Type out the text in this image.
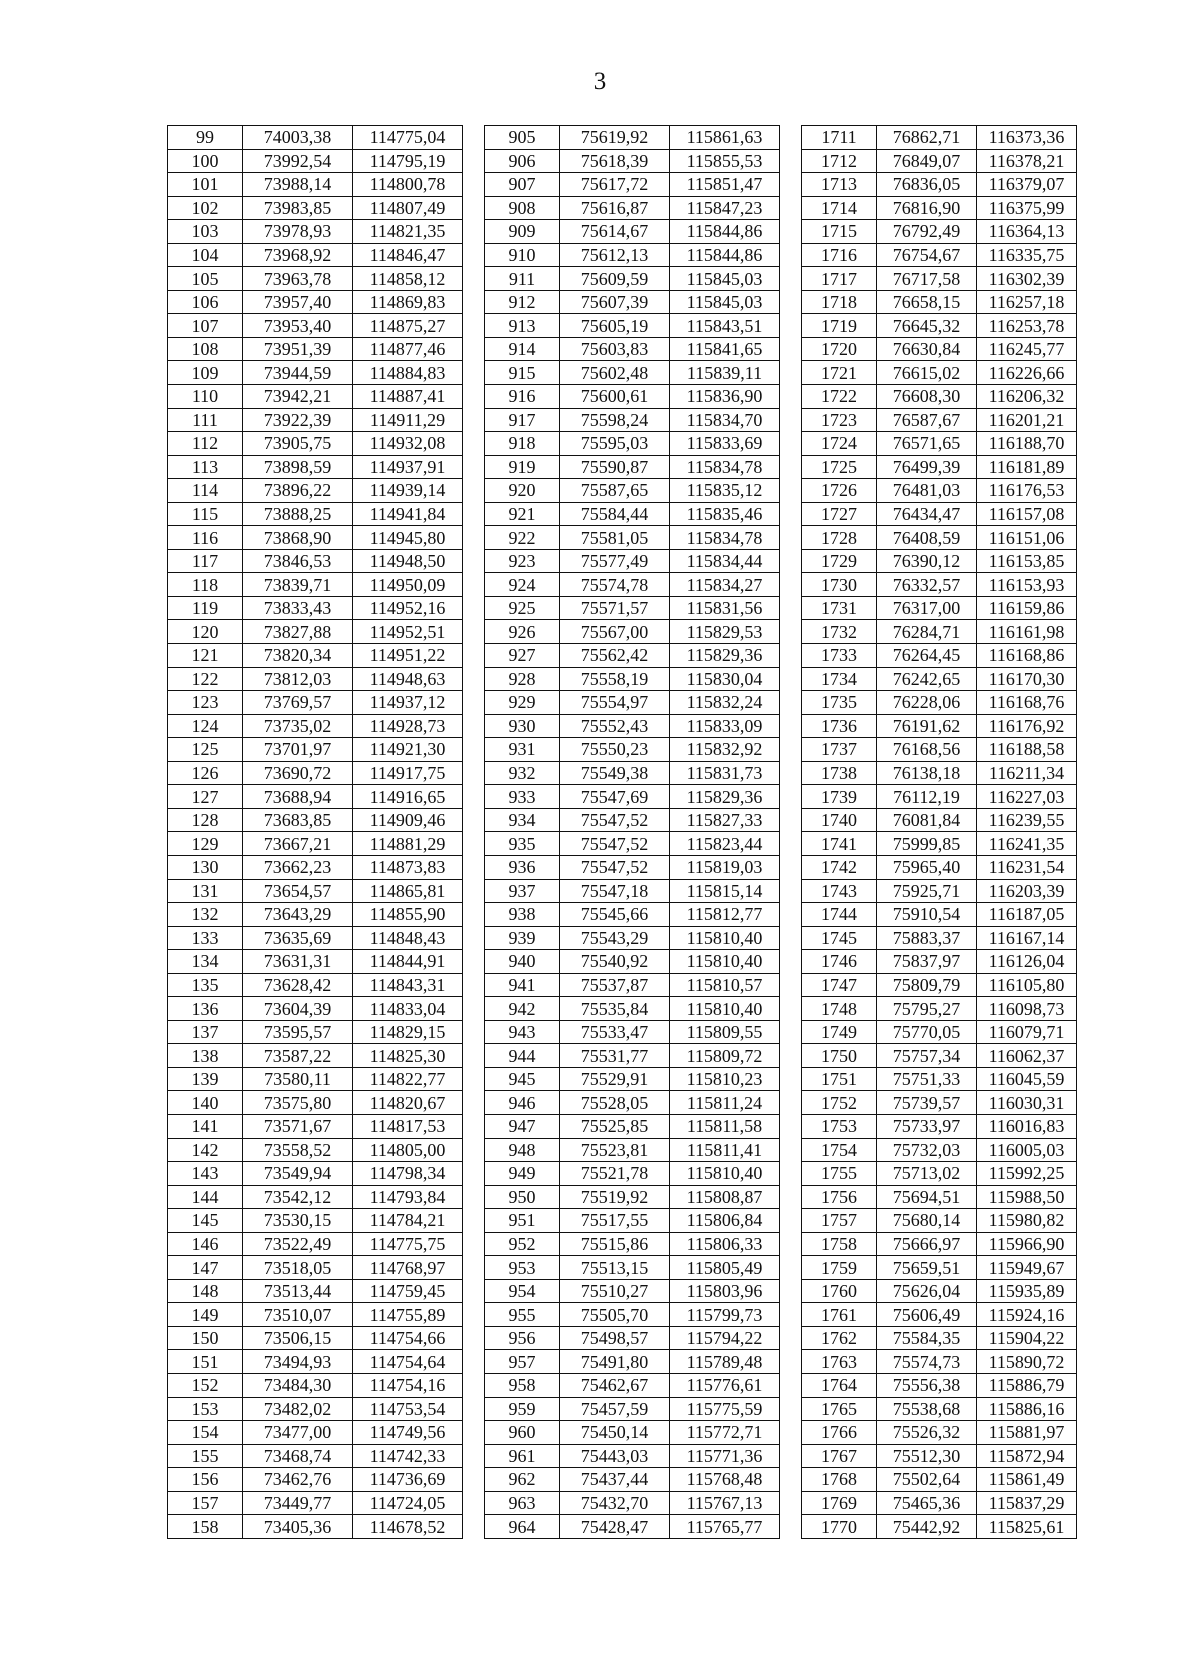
3
99	74003,38	114775,04		905	75619,92	115861,63		1711	76862,71	116373,36
100	73992,54	114795,19		906	75618,39	115855,53		1712	76849,07	116378,21
101	73988,14	114800,78		907	75617,72	115851,47		1713	76836,05	116379,07
102	73983,85	114807,49		908	75616,87	115847,23		1714	76816,90	116375,99
103	73978,93	114821,35		909	75614,67	115844,86		1715	76792,49	116364,13
104	73968,92	114846,47		910	75612,13	115844,86		1716	76754,67	116335,75
105	73963,78	114858,12		911	75609,59	115845,03		1717	76717,58	116302,39
106	73957,40	114869,83		912	75607,39	115845,03		1718	76658,15	116257,18
107	73953,40	114875,27		913	75605,19	115843,51		1719	76645,32	116253,78
108	73951,39	114877,46		914	75603,83	115841,65		1720	76630,84	116245,77
109	73944,59	114884,83		915	75602,48	115839,11		1721	76615,02	116226,66
110	73942,21	114887,41		916	75600,61	115836,90		1722	76608,30	116206,32
111	73922,39	114911,29		917	75598,24	115834,70		1723	76587,67	116201,21
112	73905,75	114932,08		918	75595,03	115833,69		1724	76571,65	116188,70
113	73898,59	114937,91		919	75590,87	115834,78		1725	76499,39	116181,89
114	73896,22	114939,14		920	75587,65	115835,12		1726	76481,03	116176,53
115	73888,25	114941,84		921	75584,44	115835,46		1727	76434,47	116157,08
116	73868,90	114945,80		922	75581,05	115834,78		1728	76408,59	116151,06
117	73846,53	114948,50		923	75577,49	115834,44		1729	76390,12	116153,85
118	73839,71	114950,09		924	75574,78	115834,27		1730	76332,57	116153,93
119	73833,43	114952,16		925	75571,57	115831,56		1731	76317,00	116159,86
120	73827,88	114952,51		926	75567,00	115829,53		1732	76284,71	116161,98
121	73820,34	114951,22		927	75562,42	115829,36		1733	76264,45	116168,86
122	73812,03	114948,63		928	75558,19	115830,04		1734	76242,65	116170,30
123	73769,57	114937,12		929	75554,97	115832,24		1735	76228,06	116168,76
124	73735,02	114928,73		930	75552,43	115833,09		1736	76191,62	116176,92
125	73701,97	114921,30		931	75550,23	115832,92		1737	76168,56	116188,58
126	73690,72	114917,75		932	75549,38	115831,73		1738	76138,18	116211,34
127	73688,94	114916,65		933	75547,69	115829,36		1739	76112,19	116227,03
128	73683,85	114909,46		934	75547,52	115827,33		1740	76081,84	116239,55
129	73667,21	114881,29		935	75547,52	115823,44		1741	75999,85	116241,35
130	73662,23	114873,83		936	75547,52	115819,03		1742	75965,40	116231,54
131	73654,57	114865,81		937	75547,18	115815,14		1743	75925,71	116203,39
132	73643,29	114855,90		938	75545,66	115812,77		1744	75910,54	116187,05
133	73635,69	114848,43		939	75543,29	115810,40		1745	75883,37	116167,14
134	73631,31	114844,91		940	75540,92	115810,40		1746	75837,97	116126,04
135	73628,42	114843,31		941	75537,87	115810,57		1747	75809,79	116105,80
136	73604,39	114833,04		942	75535,84	115810,40		1748	75795,27	116098,73
137	73595,57	114829,15		943	75533,47	115809,55		1749	75770,05	116079,71
138	73587,22	114825,30		944	75531,77	115809,72		1750	75757,34	116062,37
139	73580,11	114822,77		945	75529,91	115810,23		1751	75751,33	116045,59
140	73575,80	114820,67		946	75528,05	115811,24		1752	75739,57	116030,31
141	73571,67	114817,53		947	75525,85	115811,58		1753	75733,97	116016,83
142	73558,52	114805,00		948	75523,81	115811,41		1754	75732,03	116005,03
143	73549,94	114798,34		949	75521,78	115810,40		1755	75713,02	115992,25
144	73542,12	114793,84		950	75519,92	115808,87		1756	75694,51	115988,50
145	73530,15	114784,21		951	75517,55	115806,84		1757	75680,14	115980,82
146	73522,49	114775,75		952	75515,86	115806,33		1758	75666,97	115966,90
147	73518,05	114768,97		953	75513,15	115805,49		1759	75659,51	115949,67
148	73513,44	114759,45		954	75510,27	115803,96		1760	75626,04	115935,89
149	73510,07	114755,89		955	75505,70	115799,73		1761	75606,49	115924,16
150	73506,15	114754,66		956	75498,57	115794,22		1762	75584,35	115904,22
151	73494,93	114754,64		957	75491,80	115789,48		1763	75574,73	115890,72
152	73484,30	114754,16		958	75462,67	115776,61		1764	75556,38	115886,79
153	73482,02	114753,54		959	75457,59	115775,59		1765	75538,68	115886,16
154	73477,00	114749,56		960	75450,14	115772,71		1766	75526,32	115881,97
155	73468,74	114742,33		961	75443,03	115771,36		1767	75512,30	115872,94
156	73462,76	114736,69		962	75437,44	115768,48		1768	75502,64	115861,49
157	73449,77	114724,05		963	75432,70	115767,13		1769	75465,36	115837,29
158	73405,36	114678,52		964	75428,47	115765,77		1770	75442,92	115825,61
